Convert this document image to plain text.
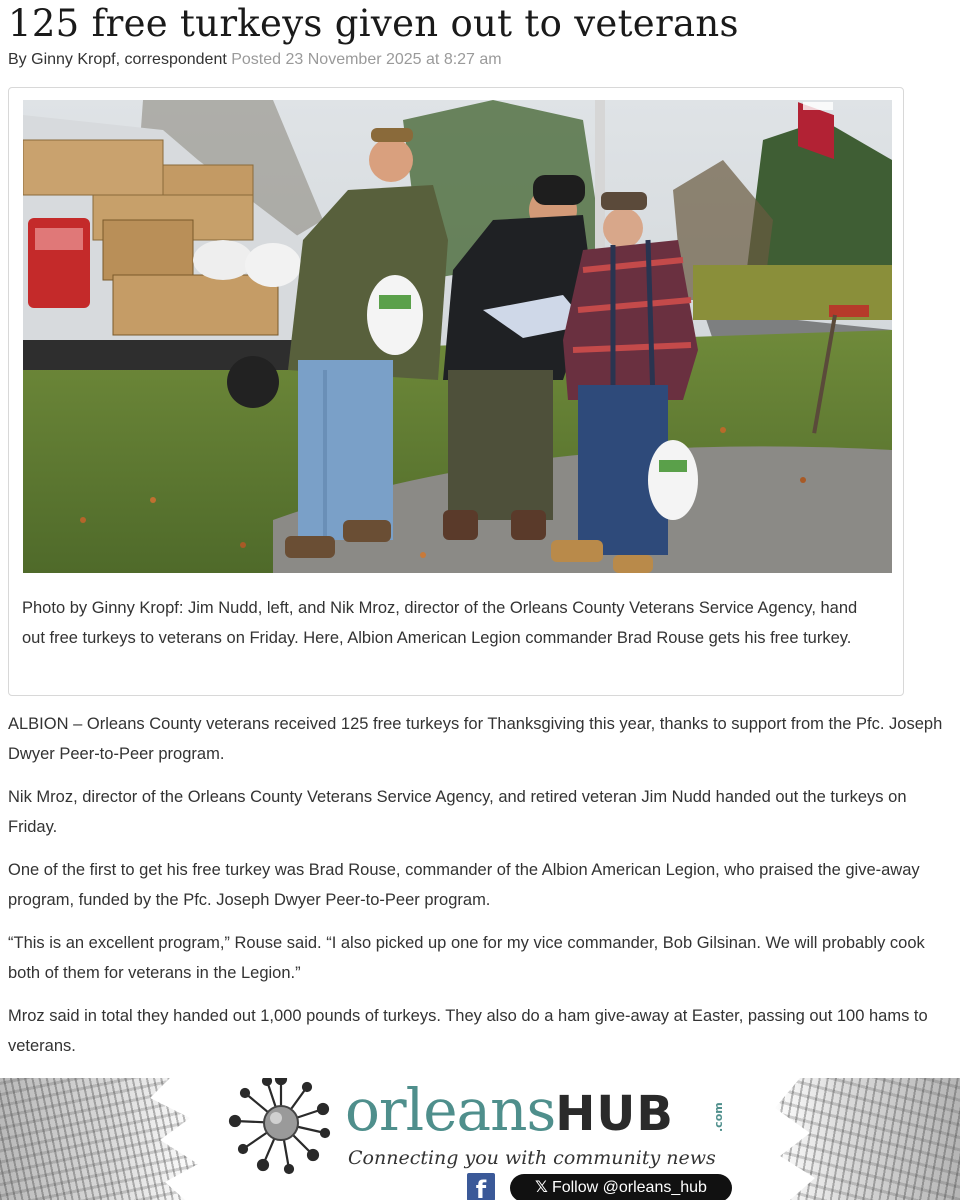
125 free turkeys given out to veterans
By Ginny Kropf, correspondent Posted 23 November 2025 at 8:27 am
Photo by Ginny Kropf: Jim Nudd, left, and Nik Mroz, director of the Orleans County Veterans Service Agency, hand out free turkeys to veterans on Friday. Here, Albion American Legion commander Brad Rouse gets his free turkey.

ALBION – Orleans County veterans received 125 free turkeys for Thanksgiving this year, thanks to support from the Pfc. Joseph Dwyer Peer-to-Peer program.

Nik Mroz, director of the Orleans County Veterans Service Agency, and retired veteran Jim Nudd handed out the turkeys on Friday.

One of the first to get his free turkey was Brad Rouse, commander of the Albion American Legion, who praised the give-away program, funded by the Pfc. Joseph Dwyer Peer-to-Peer program.

“This is an excellent program,” Rouse said. “I also picked up one for my vice commander, Bob Gilsinan. We will probably cook both of them for veterans in the Legion.”

Mroz said in total they handed out 1,000 pounds of turkeys. They also do a ham give-away at Easter, passing out 100 hams to veterans.

orleansHUB	.com
Connecting you with community news
f	𝕏 Follow @orleans_hub
